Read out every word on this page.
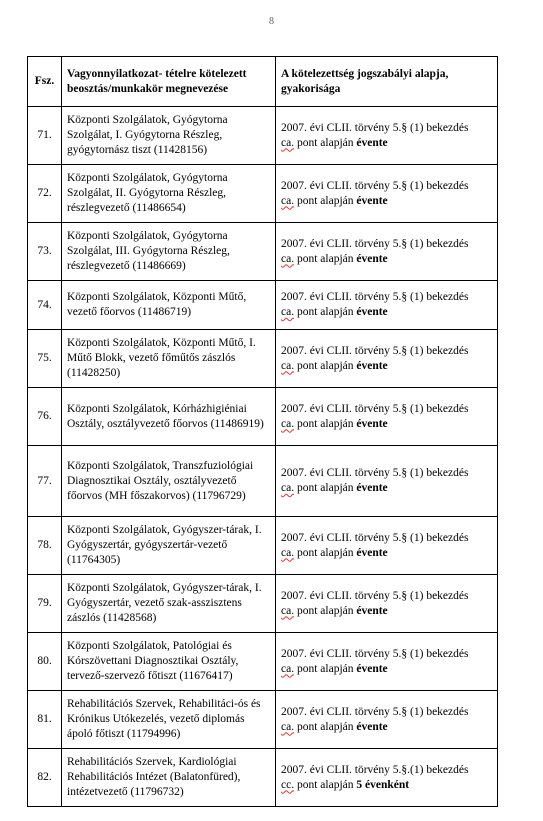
8
Fsz.	Vagyonnyilatkozat- tételre kötelezett beosztás/munkakör megnevezése	A kötelezettség jogszabályi alapja, gyakorisága
71.	Központi Szolgálatok, Gyógytorna Szolgálat, I. Gyógytorna Részleg, gyógytornász tiszt (11428156)	2007. évi CLII. törvény 5.§ (1) bekezdés
ca. pont alapján évente
72.	Központi Szolgálatok, Gyógytorna Szolgálat, II. Gyógytorna Részleg, részlegvezető (11486654)	2007. évi CLII. törvény 5.§ (1) bekezdés
ca. pont alapján évente
73.	Központi Szolgálatok, Gyógytorna Szolgálat, III. Gyógytorna Részleg, részlegvezető (11486669)	2007. évi CLII. törvény 5.§ (1) bekezdés
ca. pont alapján évente
74.	Központi Szolgálatok, Központi Műtő, vezető főorvos (11486719)	2007. évi CLII. törvény 5.§ (1) bekezdés
ca. pont alapján évente
75.	Központi Szolgálatok, Központi Műtő, I. Műtő Blokk, vezető főműtős zászlós (11428250)	2007. évi CLII. törvény 5.§ (1) bekezdés
ca. pont alapján évente
76.	Központi Szolgálatok, Kórházhigiéniai Osztály, osztályvezető főorvos (11486919)	2007. évi CLII. törvény 5.§ (1) bekezdés
ca. pont alapján évente
77.	Központi Szolgálatok, Transzfuziológiai Diagnosztikai Osztály, osztályvezető főorvos (MH főszakorvos) (11796729)	2007. évi CLII. törvény 5.§ (1) bekezdés
ca. pont alapján évente
78.	Központi Szolgálatok, Gyógyszer-tárak, I. Gyógyszertár, gyógyszertár-vezető (11764305)	2007. évi CLII. törvény 5.§ (1) bekezdés
ca. pont alapján évente
79.	Központi Szolgálatok, Gyógyszer-tárak, I. Gyógyszertár, vezető szak-asszisztens zászlós (11428568)	2007. évi CLII. törvény 5.§ (1) bekezdés
ca. pont alapján évente
80.	Központi Szolgálatok, Patológiai és Kórszövettani Diagnosztikai Osztály, tervező-szervező főtiszt (11676417)	2007. évi CLII. törvény 5.§ (1) bekezdés
ca. pont alapján évente
81.	Rehabilitációs Szervek, Rehabilitáci-ós és Krónikus Utókezelés, vezető diplomás ápoló főtiszt (11794996)	2007. évi CLII. törvény 5.§ (1) bekezdés
ca. pont alapján évente
82.	Rehabilitációs Szervek, Kardiológiai Rehabilitációs Intézet (Balatonfüred), intézetvezető (11796732)	2007. évi CLII. törvény 5.§.(1) bekezdés
cc. pont alapján 5 évenként
